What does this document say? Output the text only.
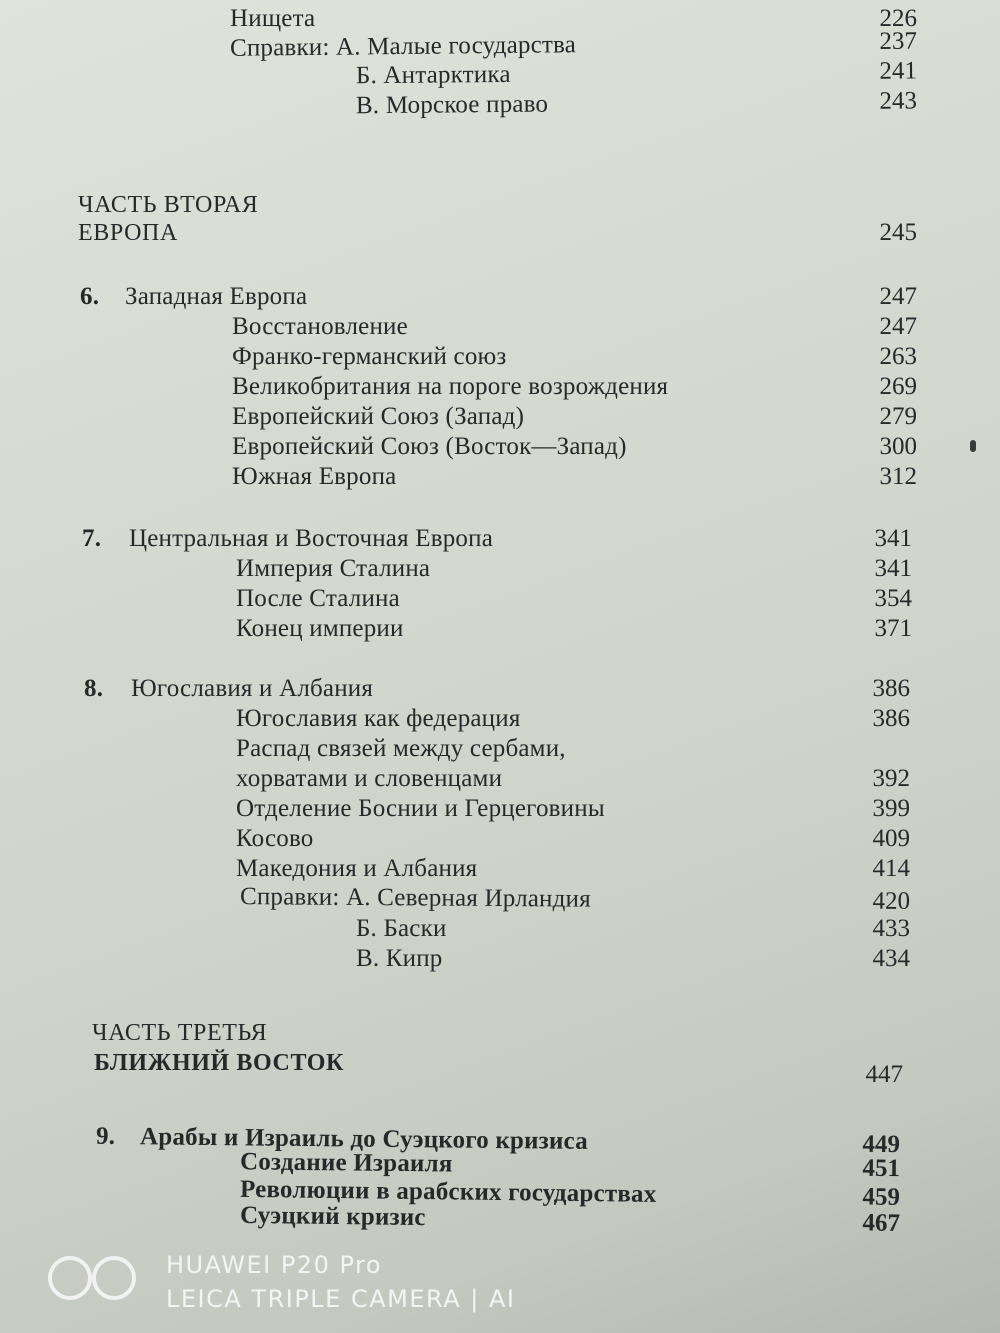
Нищета	226
Справки: А. Малые государства	237
Б. Антарктика	241
В. Морское право	243
ЧАСТЬ ВТОРАЯ
ЕВРОПА	245
6. Западная Европа	247
Восстановление	247
Франко-германский союз	263
Великобритания на пороге возрождения	269
Европейский Союз (Запад)	279
Европейский Союз (Восток—Запад)	300
Южная Европа	312
7. Центральная и Восточная Европа	341
Империя Сталина	341
После Сталина	354
Конец империи	371
8. Югославия и Албания	386
Югославия как федерация	386
Распад связей между сербами,
хорватами и словенцами	392
Отделение Боснии и Герцеговины	399
Косово	409
Македония и Албания	414
Справки: А. Северная Ирландия	420
Б. Баски	433
В. Кипр	434
ЧАСТЬ ТРЕТЬЯ
БЛИЖНИЙ ВОСТОК	447
9. Арабы и Израиль до Суэцкого кризиса	449
Создание Израиля	451
Революции в арабских государствах	459
Суэцкий кризис	467
HUAWEI P20 Pro
LEICA TRIPLE CAMERA | AI
